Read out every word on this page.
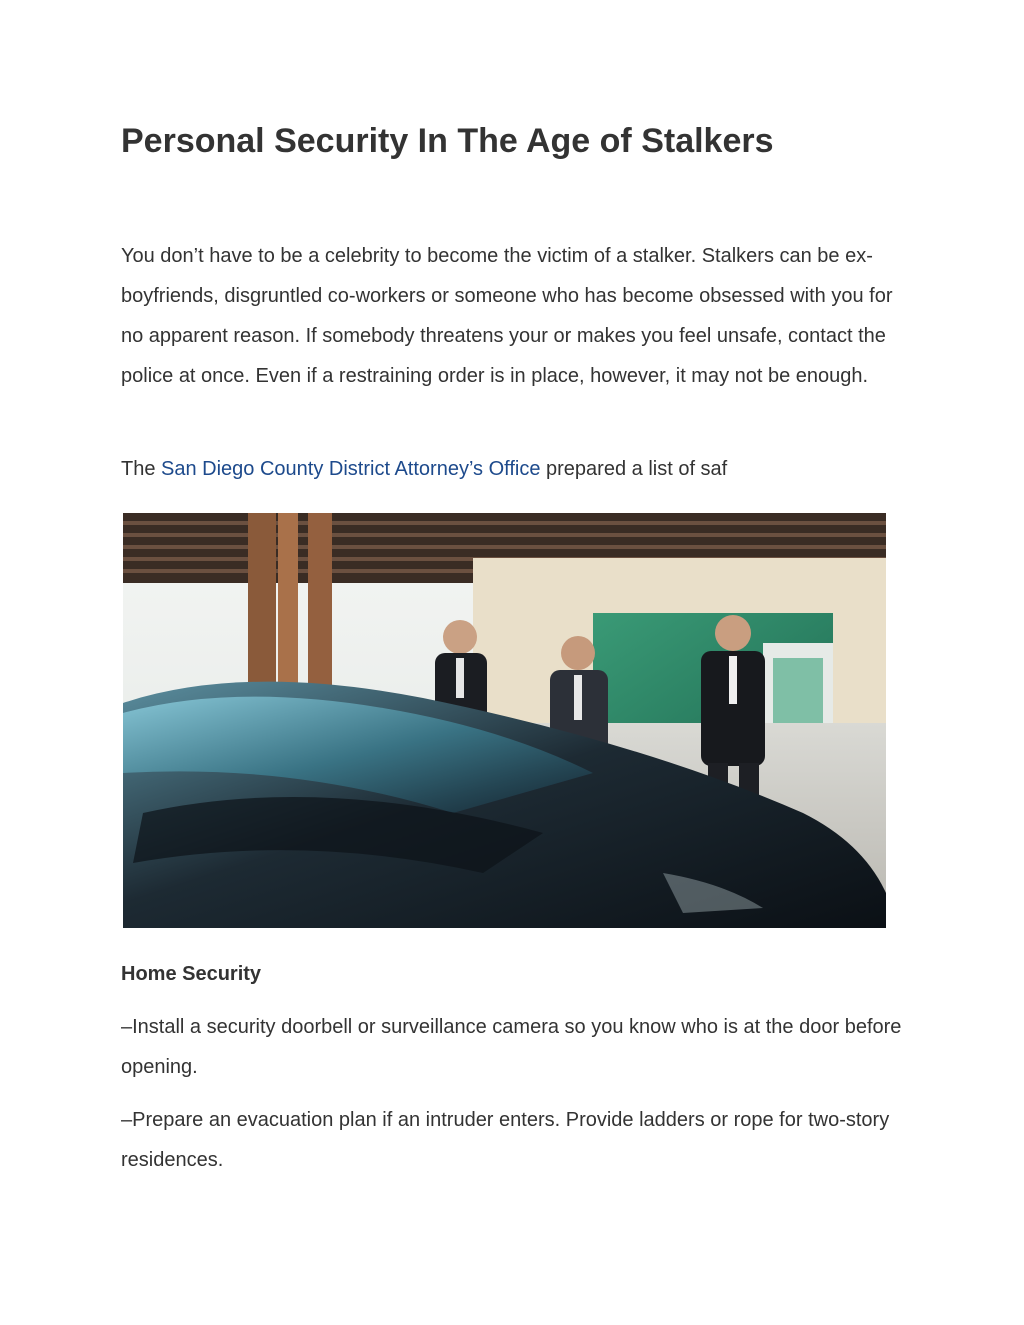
Personal Security In The Age of Stalkers

You don’t have to be a celebrity to become the victim of a stalker. Stalkers can be ex-boyfriends, disgruntled co-workers or someone who has become obsessed with you for no apparent reason. If somebody threatens your or makes you feel unsafe, contact the police at once. Even if a restraining order is in place, however, it may not be enough.

The San Diego County District Attorney’s Office prepared a list of saf

Home Security

–Install a security doorbell or surveillance camera so you know who is at the door before opening.

–Prepare an evacuation plan if an intruder enters. Provide ladders or rope for two-story residences.
